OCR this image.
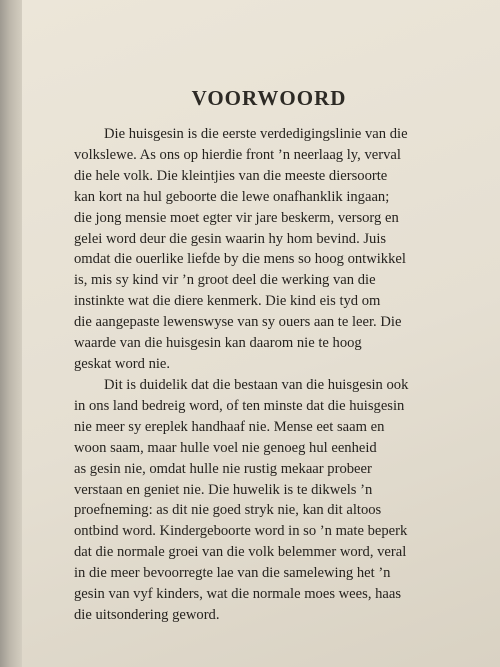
VOORWOORD
Die huisgesin is die eerste verdedigingslinie van die
volkslewe. As ons op hierdie front ’n neerlaag ly, verval
die hele volk. Die kleintjies van die meeste diersoorte
kan kort na hul geboorte die lewe onafhanklik ingaan;
die jong mensie moet egter vir jare beskerm, versorg en
gelei word deur die gesin waarin hy hom bevind. Juis
omdat die ouerlike liefde by die mens so hoog ontwikkel
is, mis sy kind vir ’n groot deel die werking van die
instinkte wat die diere kenmerk. Die kind eis tyd om
die aangepaste lewenswyse van sy ouers aan te leer. Die
waarde van die huisgesin kan daarom nie te hoog
geskat word nie.
Dit is duidelik dat die bestaan van die huisgesin ook
in ons land bedreig word, of ten minste dat die huisgesin
nie meer sy ereplek handhaaf nie. Mense eet saam en
woon saam, maar hulle voel nie genoeg hul eenheid
as gesin nie, omdat hulle nie rustig mekaar probeer
verstaan en geniet nie. Die huwelik is te dikwels ’n
proefneming: as dit nie goed stryk nie, kan dit altoos
ontbind word. Kindergeboorte word in so ’n mate beperk
dat die normale groei van die volk belemmer word, veral
in die meer bevoorregte lae van die samelewing het ’n
gesin van vyf kinders, wat die normale moes wees, haas
die uitsondering geword.
